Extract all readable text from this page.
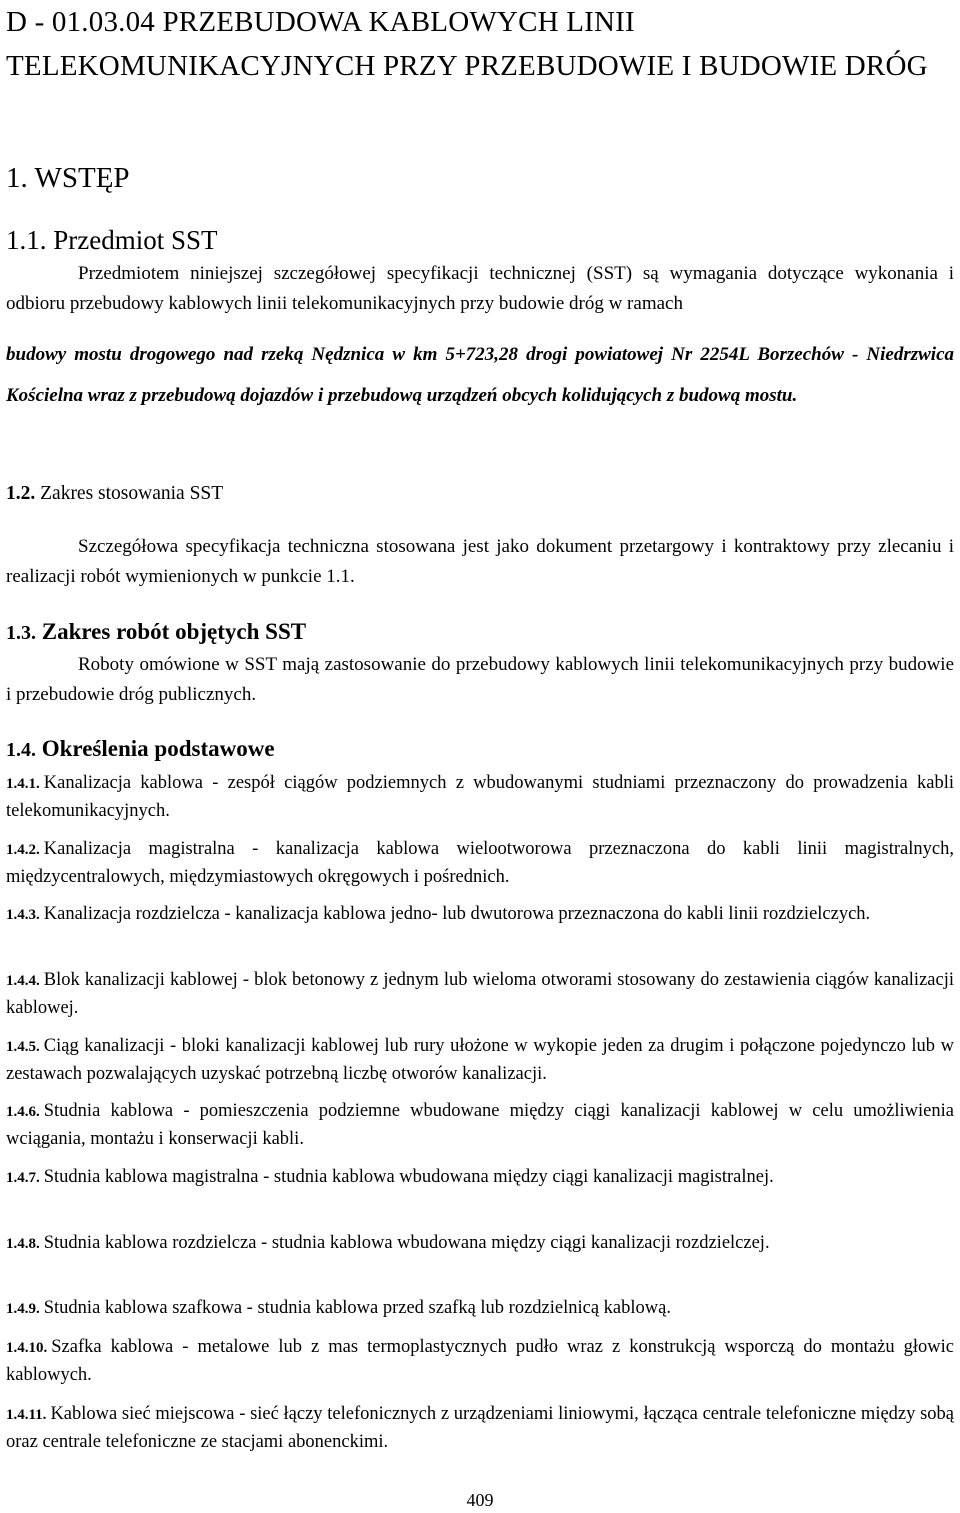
D - 01.03.04 PRZEBUDOWA KABLOWYCH LINII TELEKOMUNIKACYJNYCH PRZY PRZEBUDOWIE I BUDOWIE DRÓG
1. WSTĘP
1.1. Przedmiot SST
Przedmiotem niniejszej szczegółowej specyfikacji technicznej (SST) są wymagania dotyczące wykonania i odbioru przebudowy kablowych linii telekomunikacyjnych przy budowie dróg w ramach
budowy mostu drogowego nad rzeką Nędznica w km 5+723,28 drogi powiatowej Nr 2254L Borzechów - Niedrzwica Kościelna wraz z przebudową dojazdów i przebudową urządzeń obcych kolidujących z budową mostu.
1.2. Zakres stosowania SST
Szczegółowa specyfikacja techniczna stosowana jest jako dokument przetargowy i kontraktowy przy zlecaniu i realizacji robót wymienionych w punkcie 1.1.
1.3. Zakres robót objętych SST
Roboty omówione w SST mają zastosowanie do przebudowy kablowych linii telekomunikacyjnych przy budowie i przebudowie dróg publicznych.
1.4. Określenia podstawowe
1.4.1. Kanalizacja kablowa - zespół ciągów podziemnych z wbudowanymi studniami przeznaczony do prowadzenia kabli telekomunikacyjnych.
1.4.2. Kanalizacja magistralna - kanalizacja kablowa wielootworowa przeznaczona do kabli linii magistralnych, międzycentralowych, międzymiastowych okręgowych i pośrednich.
1.4.3. Kanalizacja rozdzielcza - kanalizacja kablowa jedno- lub dwutorowa przeznaczona do kabli linii rozdzielczych.
1.4.4. Blok kanalizacji kablowej - blok betonowy z jednym lub wieloma otworami stosowany do zestawienia ciągów kanalizacji kablowej.
1.4.5. Ciąg kanalizacji - bloki kanalizacji kablowej lub rury ułożone w wykopie jeden za drugim i połączone pojedynczo lub w zestawach pozwalających uzyskać potrzebną liczbę otworów kanalizacji.
1.4.6. Studnia kablowa - pomieszczenia podziemne wbudowane między ciągi kanalizacji kablowej w celu umożliwienia wciągania, montażu i konserwacji kabli.
1.4.7. Studnia kablowa magistralna - studnia kablowa wbudowana między ciągi kanalizacji magistralnej.
1.4.8. Studnia kablowa rozdzielcza - studnia kablowa wbudowana między ciągi kanalizacji rozdzielczej.
1.4.9. Studnia kablowa szafkowa - studnia kablowa przed szafką lub rozdzielnicą kablową.
1.4.10. Szafka kablowa - metalowe lub z mas termoplastycznych pudło wraz z konstrukcją wsporczą do montażu głowic kablowych.
1.4.11. Kablowa sieć miejscowa - sieć łączy telefonicznych z urządzeniami liniowymi, łącząca centrale telefoniczne między sobą oraz centrale telefoniczne ze stacjami abonenckimi.
409
